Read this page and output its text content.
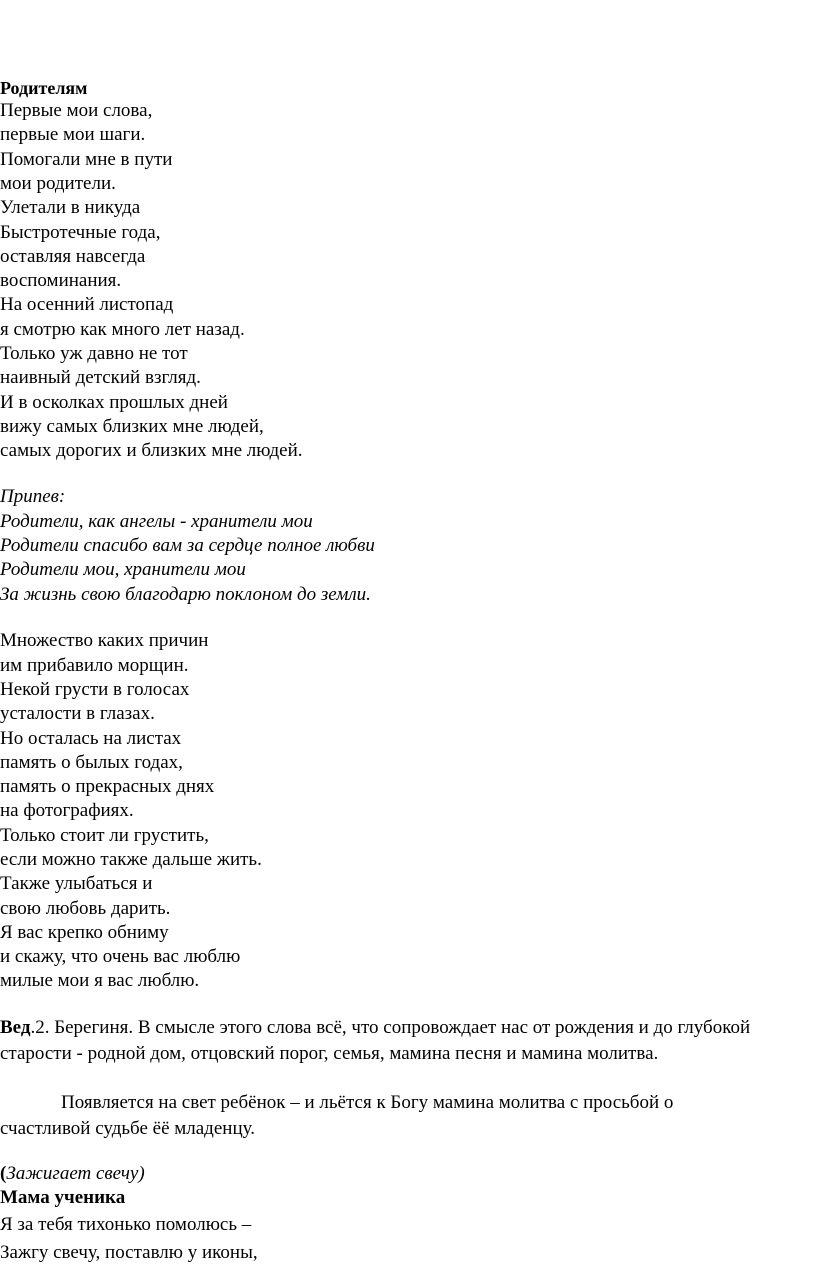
Родителям
Первые мои слова,
первые мои шаги.
Помогали мне в пути
мои родители.
Улетали в никуда
Быстротечные года,
оставляя навсегда
воспоминания.
На осенний листопад
я смотрю как много лет назад.
Только уж давно не тот
наивный детский взгляд.
И в осколках прошлых дней
вижу самых близких мне людей,
самых дорогих и близких мне людей.
Припев:
Родители, как ангелы - хранители мои
Родители спасибо вам за сердце полное любви
Родители мои, хранители мои
За жизнь свою благодарю поклоном до земли.
Множество каких причин
им прибавило морщин.
Некой грусти в голосах
усталости в глазах.
Но осталась на листах
память о былых годах,
память о прекрасных днях
на фотографиях.
Только стоит ли грустить,
если можно также дальше жить.
Также улыбаться и
свою любовь дарить.
Я вас крепко обниму
и скажу, что очень вас люблю
милые мои я вас люблю.
Вед.2. Берегиня. В смысле этого слова всё, что сопровождает нас от рождения и до глубокой старости - родной дом, отцовский порог, семья, мамина песня и мамина молитва.
Появляется на свет ребёнок – и льётся к Богу мамина молитва с просьбой о счастливой судьбе ёё младенцу.
(Зажигает свечу)
Мама ученика
Я за тебя тихонько помолюсь –
Зажгу свечу, поставлю у иконы,
